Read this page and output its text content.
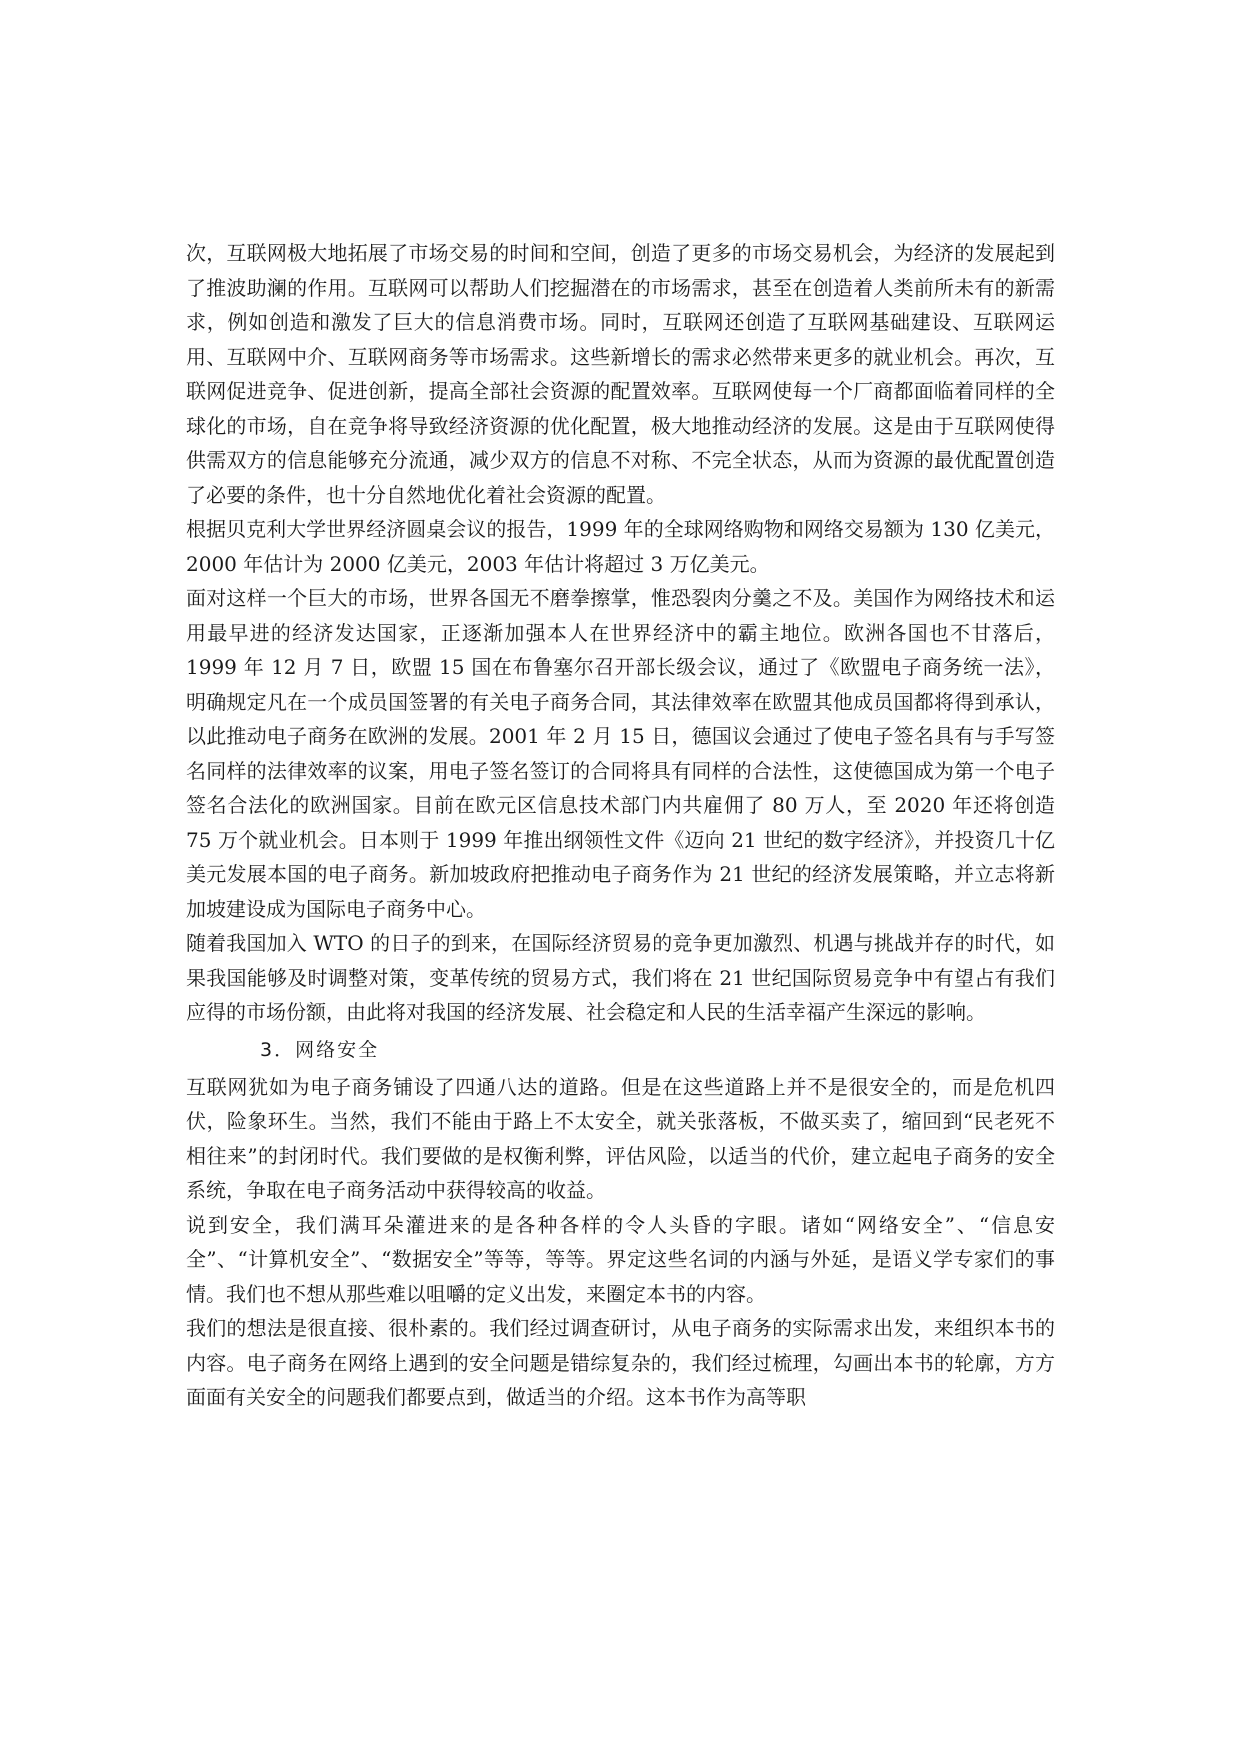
次，互联网极大地拓展了市场交易的时间和空间，创造了更多的市场交易机会，为经济的发展起到了推波助澜的作用。互联网可以帮助人们挖掘潜在的市场需求，甚至在创造着人类前所未有的新需求，例如创造和激发了巨大的信息消费市场。同时，互联网还创造了互联网基础建设、互联网运用、互联网中介、互联网商务等市场需求。这些新增长的需求必然带来更多的就业机会。再次，互联网促进竞争、促进创新，提高全部社会资源的配置效率。互联网使每一个厂商都面临着同样的全球化的市场，自在竞争将导致经济资源的优化配置，极大地推动经济的发展。这是由于互联网使得供需双方的信息能够充分流通，减少双方的信息不对称、不完全状态，从而为资源的最优配置创造了必要的条件，也十分自然地优化着社会资源的配置。

根据贝克利大学世界经济圆桌会议的报告，1999 年的全球网络购物和网络交易额为 130 亿美元，2000 年估计为 2000 亿美元，2003 年估计将超过 3 万亿美元。

面对这样一个巨大的市场，世界各国无不磨拳擦掌，惟恐裂肉分羹之不及。美国作为网络技术和运用最早进的经济发达国家，正逐渐加强本人在世界经济中的霸主地位。欧洲各国也不甘落后，1999 年 12 月 7 日，欧盟 15 国在布鲁塞尔召开部长级会议，通过了《欧盟电子商务统一法》，明确规定凡在一个成员国签署的有关电子商务合同，其法律效率在欧盟其他成员国都将得到承认，以此推动电子商务在欧洲的发展。2001 年 2 月 15 日，德国议会通过了使电子签名具有与手写签名同样的法律效率的议案，用电子签名签订的合同将具有同样的合法性，这使德国成为第一个电子签名合法化的欧洲国家。目前在欧元区信息技术部门内共雇佣了 80 万人，至 2020 年还将创造 75 万个就业机会。日本则于 1999 年推出纲领性文件《迈向 21 世纪的数字经济》，并投资几十亿美元发展本国的电子商务。新加坡政府把推动电子商务作为 21 世纪的经济发展策略，并立志将新加坡建设成为国际电子商务中心。

随着我国加入 WTO 的日子的到来，在国际经济贸易的竞争更加激烈、机遇与挑战并存的时代，如果我国能够及时调整对策，变革传统的贸易方式，我们将在 21 世纪国际贸易竞争中有望占有我们应得的市场份额，由此将对我国的经济发展、社会稳定和人民的生活幸福产生深远的影响。

3．网络安全

互联网犹如为电子商务铺设了四通八达的道路。但是在这些道路上并不是很安全的，而是危机四伏，险象环生。当然，我们不能由于路上不太安全，就关张落板，不做买卖了，缩回到“民老死不相往来”的封闭时代。我们要做的是权衡利弊，评估风险，以适当的代价，建立起电子商务的安全系统，争取在电子商务活动中获得较高的收益。

说到安全，我们满耳朵灌进来的是各种各样的令人头昏的字眼。诸如“网络安全”、“信息安全”、“计算机安全”、“数据安全”等等，等等。界定这些名词的内涵与外延，是语义学专家们的事情。我们也不想从那些难以咀嚼的定义出发，来圈定本书的内容。

我们的想法是很直接、很朴素的。我们经过调查研讨，从电子商务的实际需求出发，来组织本书的内容。电子商务在网络上遇到的安全问题是错综复杂的，我们经过梳理，勾画出本书的轮廓，方方面面有关安全的问题我们都要点到，做适当的介绍。这本书作为高等职
